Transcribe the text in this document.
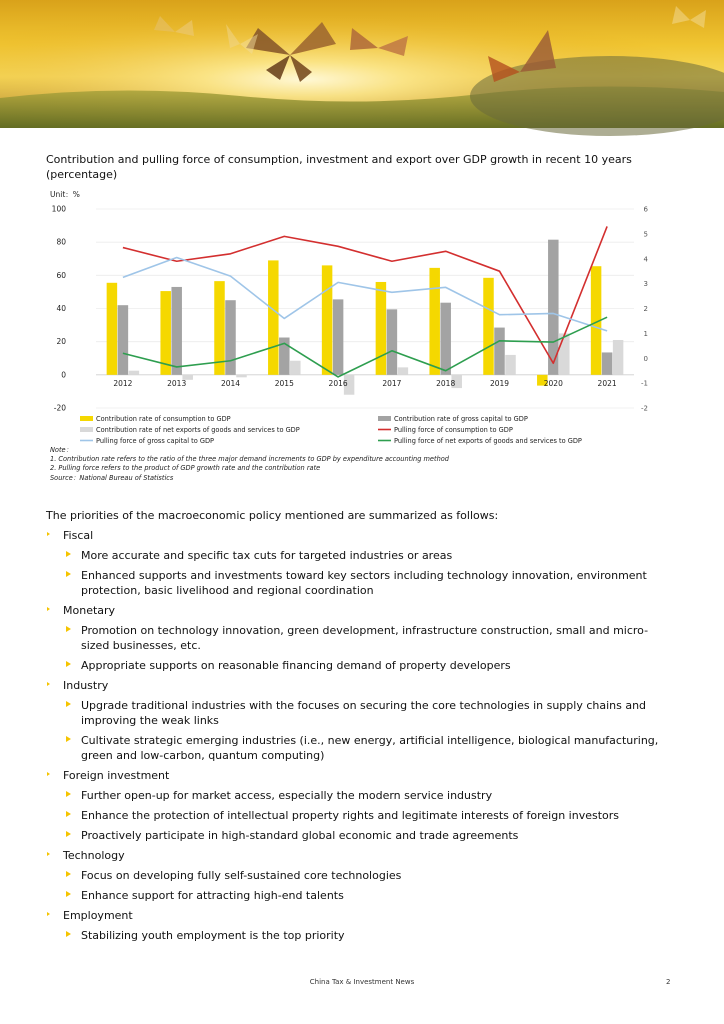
Contribution and pulling force of consumption, investment and export over GDP growth in recent 10 years (percentage)
Unit：%
100
80
60
40
20
0
-20
6
5
4
3
2
1
0
-1
-2
2012	2013	2014	2015	2016	2017	2018	2019	2020	2021
Contribution rate of consumption to GDP	Contribution rate of gross capital to GDP
Contribution rate of net exports of goods and services to GDP	Pulling force of consumption to GDP
Pulling force of gross capital to GDP	Pulling force of net exports of goods and services to GDP
Note：
1. Contribution rate refers to the ratio of the three major demand increments to GDP by expenditure accounting method
2. Pulling force refers to the product of GDP growth rate and the contribution rate
Source：National Bureau of Statistics
The priorities of the macroeconomic policy mentioned are summarized as follows:
Fiscal
More accurate and specific tax cuts for targeted industries or areas
Enhanced supports and investments toward key sectors including technology innovation, environment protection, basic livelihood and regional coordination
Monetary
Promotion on technology innovation, green development, infrastructure construction, small and micro-sized businesses, etc.
Appropriate supports on reasonable financing demand of property developers
Industry
Upgrade traditional industries with the focuses on securing the core technologies in supply chains and improving the weak links
Cultivate strategic emerging industries (i.e., new energy, artificial intelligence, biological manufacturing, green and low-carbon, quantum computing)
Foreign investment
Further open-up for market access, especially the modern service industry
Enhance the protection of intellectual property rights and legitimate interests of foreign investors
Proactively participate in high-standard global economic and trade agreements
Technology
Focus on developing fully self-sustained core technologies
Enhance support for attracting high-end talents
Employment
Stabilizing youth employment is the top priority
China Tax & Investment News	2
